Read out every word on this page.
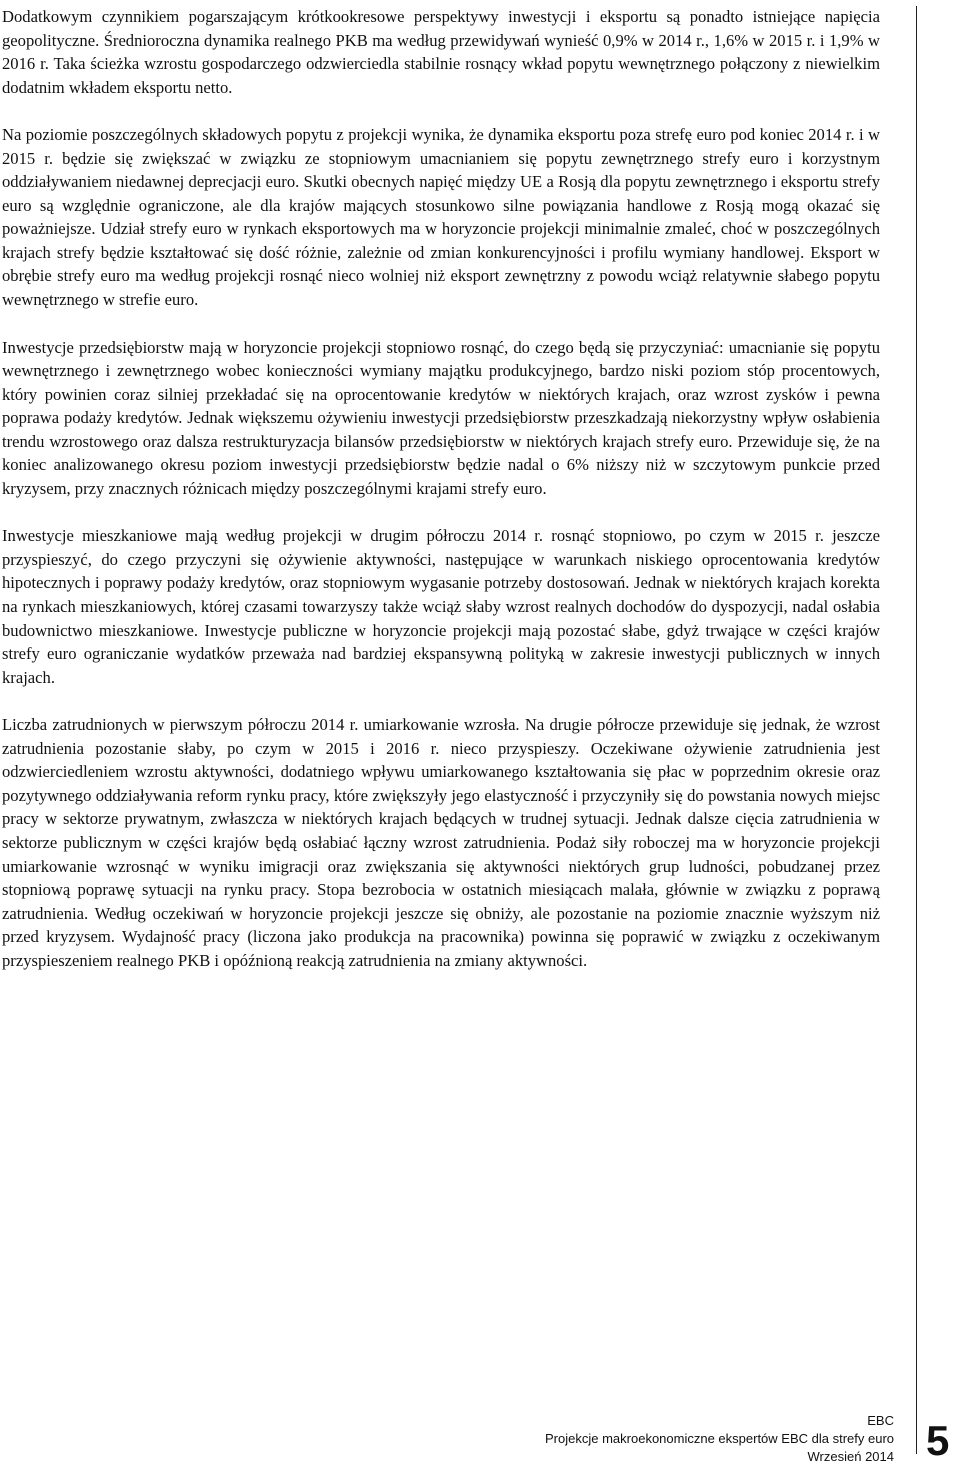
Dodatkowym czynnikiem pogarszającym krótkookresowe perspektywy inwestycji i eksportu są ponadto istniejące napięcia geopolityczne. Średnioroczna dynamika realnego PKB ma według przewidywań wynieść 0,9% w 2014 r., 1,6% w 2015 r. i 1,9% w 2016 r. Taka ścieżka wzrostu gospodarczego odzwierciedla stabilnie rosnący wkład popytu wewnętrznego połączony z niewielkim dodatnim wkładem eksportu netto.

Na poziomie poszczególnych składowych popytu z projekcji wynika, że dynamika eksportu poza strefę euro pod koniec 2014 r. i w 2015 r. będzie się zwiększać w związku ze stopniowym umacnianiem się popytu zewnętrznego strefy euro i korzystnym oddziaływaniem niedawnej deprecjacji euro. Skutki obecnych napięć między UE a Rosją dla popytu zewnętrznego i eksportu strefy euro są względnie ograniczone, ale dla krajów mających stosunkowo silne powiązania handlowe z Rosją mogą okazać się poważniejsze. Udział strefy euro w rynkach eksportowych ma w horyzoncie projekcji minimalnie zmaleć, choć w poszczególnych krajach strefy będzie kształtować się dość różnie, zależnie od zmian konkurencyjności i profilu wymiany handlowej. Eksport w obrębie strefy euro ma według projekcji rosnąć nieco wolniej niż eksport zewnętrzny z powodu wciąż relatywnie słabego popytu wewnętrznego w strefie euro.

Inwestycje przedsiębiorstw mają w horyzoncie projekcji stopniowo rosnąć, do czego będą się przyczyniać: umacnianie się popytu wewnętrznego i zewnętrznego wobec konieczności wymiany majątku produkcyjnego, bardzo niski poziom stóp procentowych, który powinien coraz silniej przekładać się na oprocentowanie kredytów w niektórych krajach, oraz wzrost zysków i pewna poprawa podaży kredytów. Jednak większemu ożywieniu inwestycji przedsiębiorstw przeszkadzają niekorzystny wpływ osłabienia trendu wzrostowego oraz dalsza restrukturyzacja bilansów przedsiębiorstw w niektórych krajach strefy euro. Przewiduje się, że na koniec analizowanego okresu poziom inwestycji przedsiębiorstw będzie nadal o 6% niższy niż w szczytowym punkcie przed kryzysem, przy znacznych różnicach między poszczególnymi krajami strefy euro.

Inwestycje mieszkaniowe mają według projekcji w drugim półroczu 2014 r. rosnąć stopniowo, po czym w 2015 r. jeszcze przyspieszyć, do czego przyczyni się ożywienie aktywności, następujące w warunkach niskiego oprocentowania kredytów hipotecznych i poprawy podaży kredytów, oraz stopniowym wygasanie potrzeby dostosowań. Jednak w niektórych krajach korekta na rynkach mieszkaniowych, której czasami towarzyszy także wciąż słaby wzrost realnych dochodów do dyspozycji, nadal osłabia budownictwo mieszkaniowe. Inwestycje publiczne w horyzoncie projekcji mają pozostać słabe, gdyż trwające w części krajów strefy euro ograniczanie wydatków przeważa nad bardziej ekspansywną polityką w zakresie inwestycji publicznych w innych krajach.

Liczba zatrudnionych w pierwszym półroczu 2014 r. umiarkowanie wzrosła. Na drugie półrocze przewiduje się jednak, że wzrost zatrudnienia pozostanie słaby, po czym w 2015 i 2016 r. nieco przyspieszy. Oczekiwane ożywienie zatrudnienia jest odzwierciedleniem wzrostu aktywności, dodatniego wpływu umiarkowanego kształtowania się płac w poprzednim okresie oraz pozytywnego oddziaływania reform rynku pracy, które zwiększyły jego elastyczność i przyczyniły się do powstania nowych miejsc pracy w sektorze prywatnym, zwłaszcza w niektórych krajach będących w trudnej sytuacji. Jednak dalsze cięcia zatrudnienia w sektorze publicznym w części krajów będą osłabiać łączny wzrost zatrudnienia. Podaż siły roboczej ma w horyzoncie projekcji umiarkowanie wzrosnąć w wyniku imigracji oraz zwiększania się aktywności niektórych grup ludności, pobudzanej przez stopniową poprawę sytuacji na rynku pracy. Stopa bezrobocia w ostatnich miesiącach malała, głównie w związku z poprawą zatrudnienia. Według oczekiwań w horyzoncie projekcji jeszcze się obniży, ale pozostanie na poziomie znacznie wyższym niż przed kryzysem. Wydajność pracy (liczona jako produkcja na pracownika) powinna się poprawić w związku z oczekiwanym przyspieszeniem realnego PKB i opóźnioną reakcją zatrudnienia na zmiany aktywności.

EBC
Projekcje makroekonomiczne ekspertów EBC dla strefy euro
Wrzesień 2014 5
